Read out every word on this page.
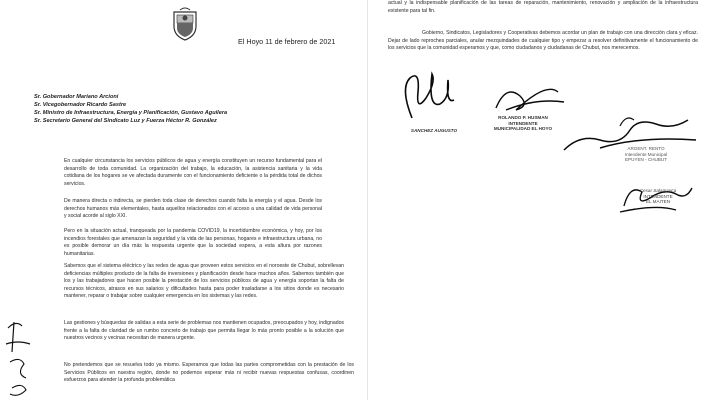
El Hoyo 11 de febrero de 2021
Sr. Gobernador Mariano Arcioni
Sr. Vicegobernador Ricardo Sastre
Sr. Ministro de Infraestructura, Energía y Planificación, Gustavo Aguilera
Sr. Secretario General del Sindicato Luz y Fuerza Héctor R. González
En cualquier circunstancia los servicios públicos de agua y energía constituyen un recurso fundamental para el desarrollo de toda comunidad. La organización del trabajo, la educación, la asistencia sanitaria y la vida cotidiana de los hogares se ve afectada duramente con el funcionamiento deficiente o la pérdida total de dichos servicios.
De manera directa o indirecta, se pierden toda clase de derechos cuando falta la energía y el agua. Desde los derechos humanos más elementales, hasta aquellos relacionados con el acceso a una calidad de vida personal y social acorde al siglo XXI.
Pero en la situación actual, tranqueada por la pandemia COVID19, la incertidumbre económica, y hoy, por los incendios forestales que amenazan la seguridad y la vida de las personas, hogares e infraestructura urbana, no es posible demorar un día más la respuesta urgente que la sociedad espera, a esta altura por razones humanitarias.
Sabemos que el sistema eléctrico y las redes de agua que proveen estos servicios en el noroeste de Chubut, sobrellevan deficiencias múltiples producto de la falta de inversiones y planificación desde hace muchos años. Sabemos también que los y las trabajadores que hacen posible la prestación de los servicios públicos de agua y energía soportan la falta de recursos técnicos, atrasos en sus salarios y dificultades hasta para poder trasladarse a los sitios donde es necesario mantener, reparar o trabajar sobre cualquier emergencia en los sistemas y las redes.
Las gestiones y búsquedas de salidas a esta serie de problemas nos mantienen ocupados, preocupados y hoy, indignados frente a la falta de claridad de un rumbo concreto de trabajo que permita llegar lo más pronto posible a la solución que nuestros vecinos y vecinas necesitan de manera urgente.
No pretendemos que se resuelva todo ya mismo. Esperamos que todas las partes comprometidas con la prestación de los Servicios Públicos en nuestra región, donde no podemos esperar más ni recibir nuevas respuestas confusas, coordinen esfuerzos para atender la profunda problemática
actual y la indispensable planificación de las tareas de reparación, mantenimiento, renovación y ampliación de la infraestructura existente para tal fin.
Gobierno, Sindicatos, Legisladores y Cooperativas debemos acordar un plan de trabajo con una dirección clara y eficaz. Dejar de lado reproches parciales, anular mezquindades de cualquier tipo y empezar a resolver definitivamente el funcionamiento de los servicios que la comunidad esperamos y que, como ciudadanos y ciudadanas de Chubut, nos merecemos.
SANCHEZ AUGUSTO
ROLANDO P. HUSMAN
INTENDENTE
MUNICIPALIDAD EL HOYO
ARGENT. RENTO
Intendente Municipal
EPUYEN - CHUBUT
Cesar Salamanca
INTENDENTE
EL MAITEN
